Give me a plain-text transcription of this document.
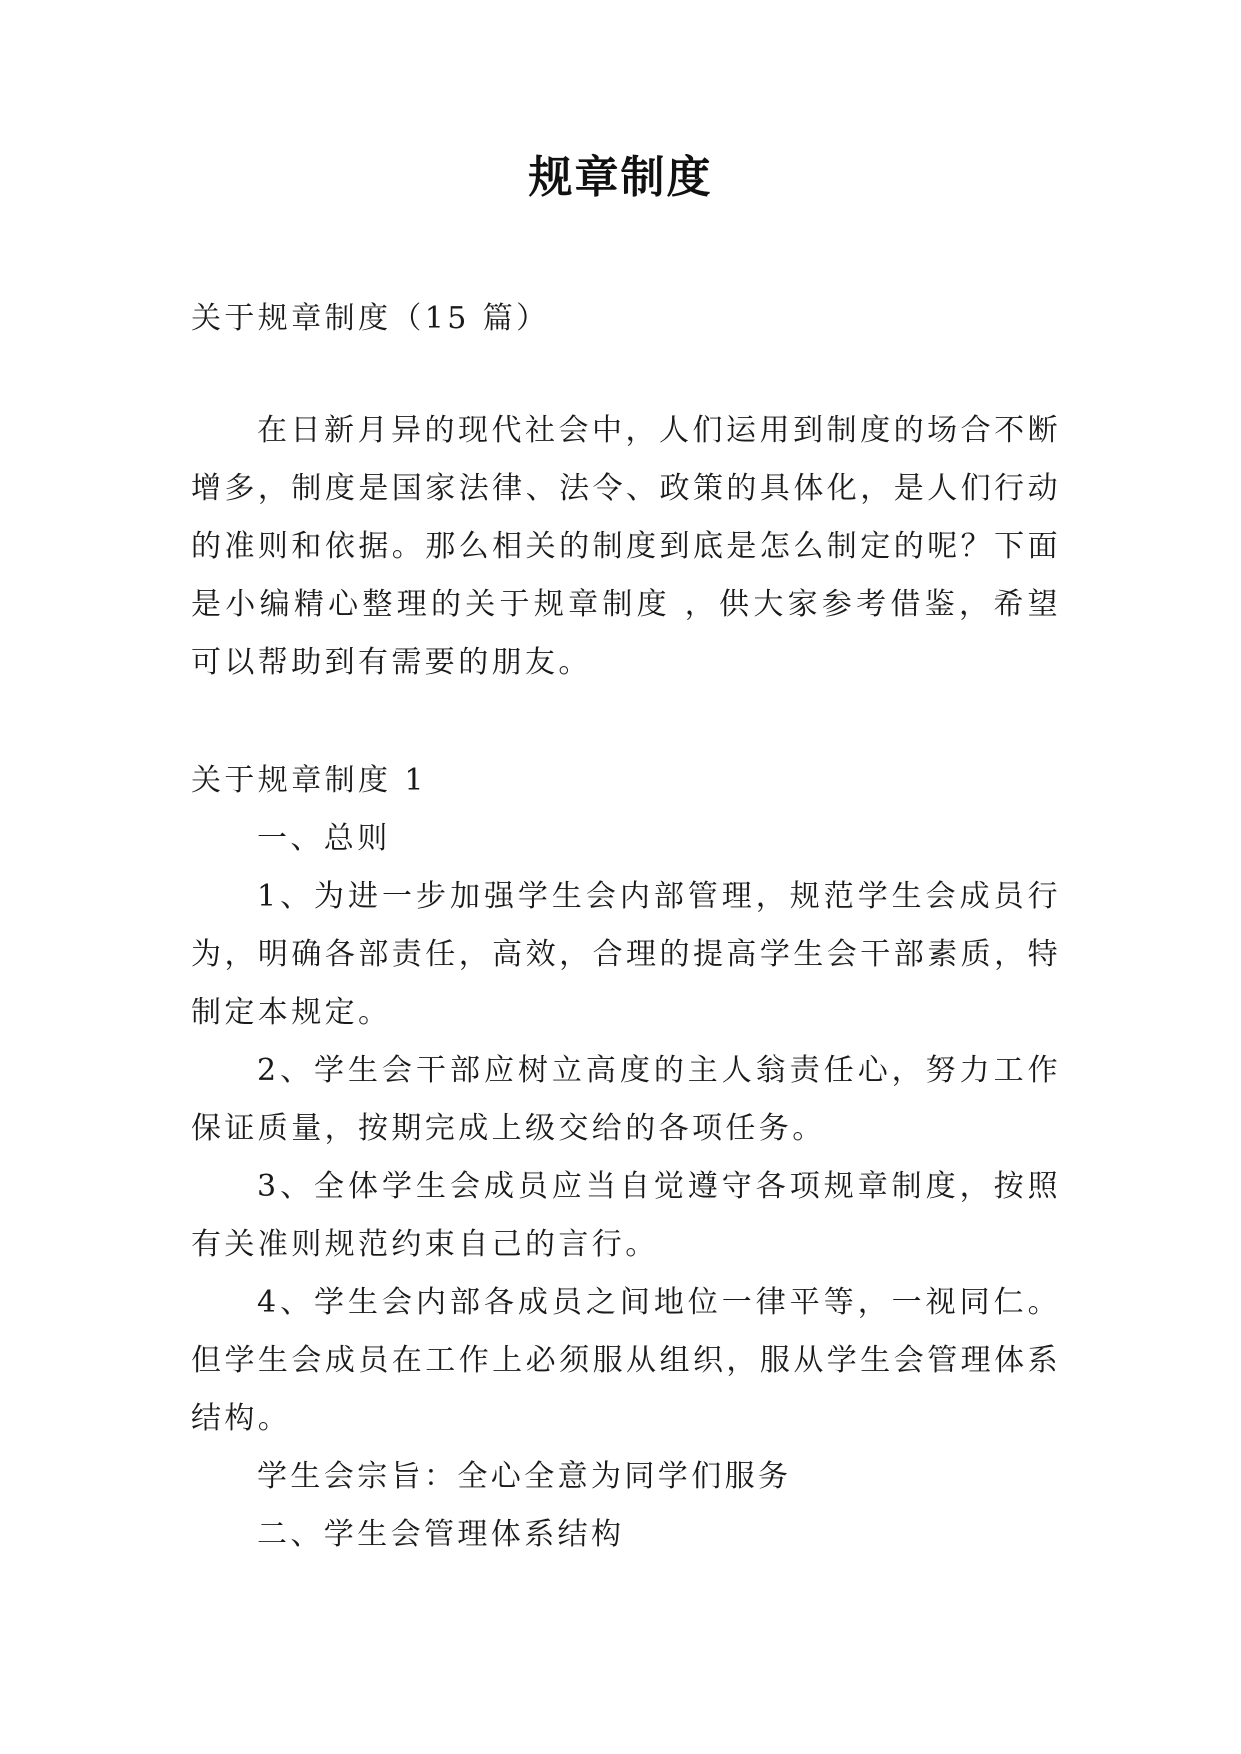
规章制度
关于规章制度（15 篇）

在日新月异的现代社会中，人们运用到制度的场合不断增多，制度是国家法律、法令、政策的具体化，是人们行动的准则和依据。那么相关的制度到底是怎么制定的呢？下面是小编精心整理的关于规章制度 ，供大家参考借鉴，希望可以帮助到有需要的朋友。

关于规章制度 1

一、总则

1、为进一步加强学生会内部管理，规范学生会成员行为，明确各部责任，高效，合理的提高学生会干部素质，特制定本规定。

2、学生会干部应树立高度的主人翁责任心，努力工作保证质量，按期完成上级交给的各项任务。

3、全体学生会成员应当自觉遵守各项规章制度，按照有关准则规范约束自己的言行。

4、学生会内部各成员之间地位一律平等，一视同仁。但学生会成员在工作上必须服从组织，服从学生会管理体系结构。

学生会宗旨：全心全意为同学们服务

二、学生会管理体系结构
